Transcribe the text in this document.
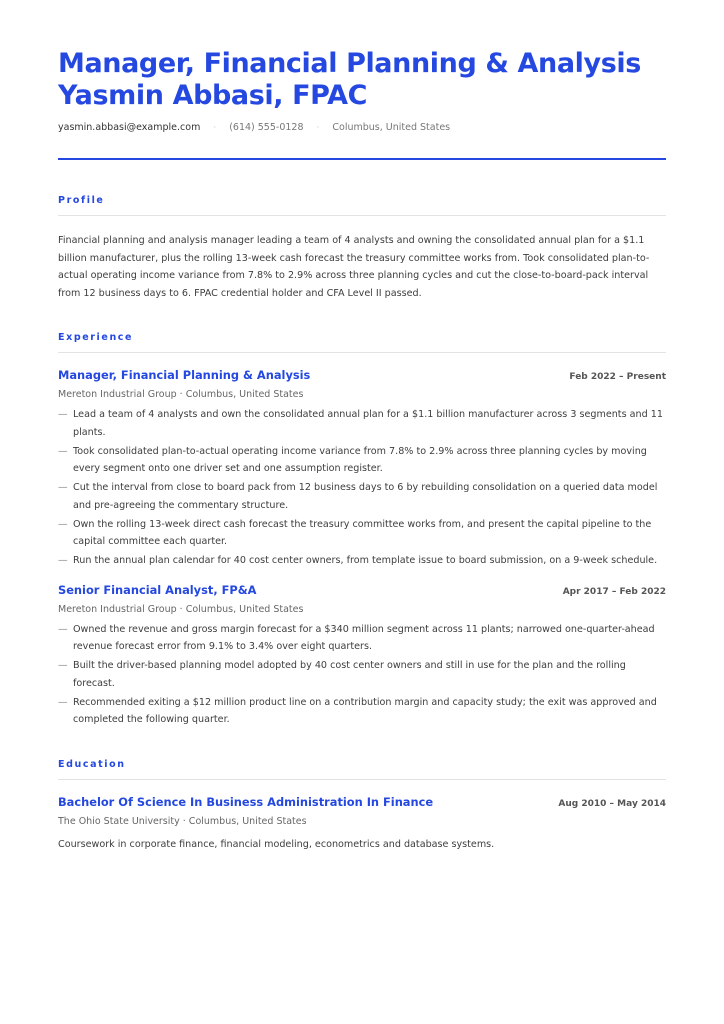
Manager, Financial Planning & Analysis
Yasmin Abbasi, FPAC
yasmin.abbasi@example.com · (614) 555-0128 · Columbus, United States
Profile
Financial planning and analysis manager leading a team of 4 analysts and owning the consolidated annual plan for a $1.1 billion manufacturer, plus the rolling 13-week cash forecast the treasury committee works from. Took consolidated plan-to-actual operating income variance from 7.8% to 2.9% across three planning cycles and cut the close-to-board-pack interval from 12 business days to 6. FPAC credential holder and CFA Level II passed.
Experience
Manager, Financial Planning & Analysis	Feb 2022 – Present
Mereton Industrial Group · Columbus, United States
— Lead a team of 4 analysts and own the consolidated annual plan for a $1.1 billion manufacturer across 3 segments and 11 plants.
— Took consolidated plan-to-actual operating income variance from 7.8% to 2.9% across three planning cycles by moving every segment onto one driver set and one assumption register.
— Cut the interval from close to board pack from 12 business days to 6 by rebuilding consolidation on a queried data model and pre-agreeing the commentary structure.
— Own the rolling 13-week direct cash forecast the treasury committee works from, and present the capital pipeline to the capital committee each quarter.
— Run the annual plan calendar for 40 cost center owners, from template issue to board submission, on a 9-week schedule.
Senior Financial Analyst, FP&A	Apr 2017 – Feb 2022
Mereton Industrial Group · Columbus, United States
— Owned the revenue and gross margin forecast for a $340 million segment across 11 plants; narrowed one-quarter-ahead revenue forecast error from 9.1% to 3.4% over eight quarters.
— Built the driver-based planning model adopted by 40 cost center owners and still in use for the plan and the rolling forecast.
— Recommended exiting a $12 million product line on a contribution margin and capacity study; the exit was approved and completed the following quarter.
Education
Bachelor Of Science In Business Administration In Finance	Aug 2010 – May 2014
The Ohio State University · Columbus, United States
Coursework in corporate finance, financial modeling, econometrics and database systems.
